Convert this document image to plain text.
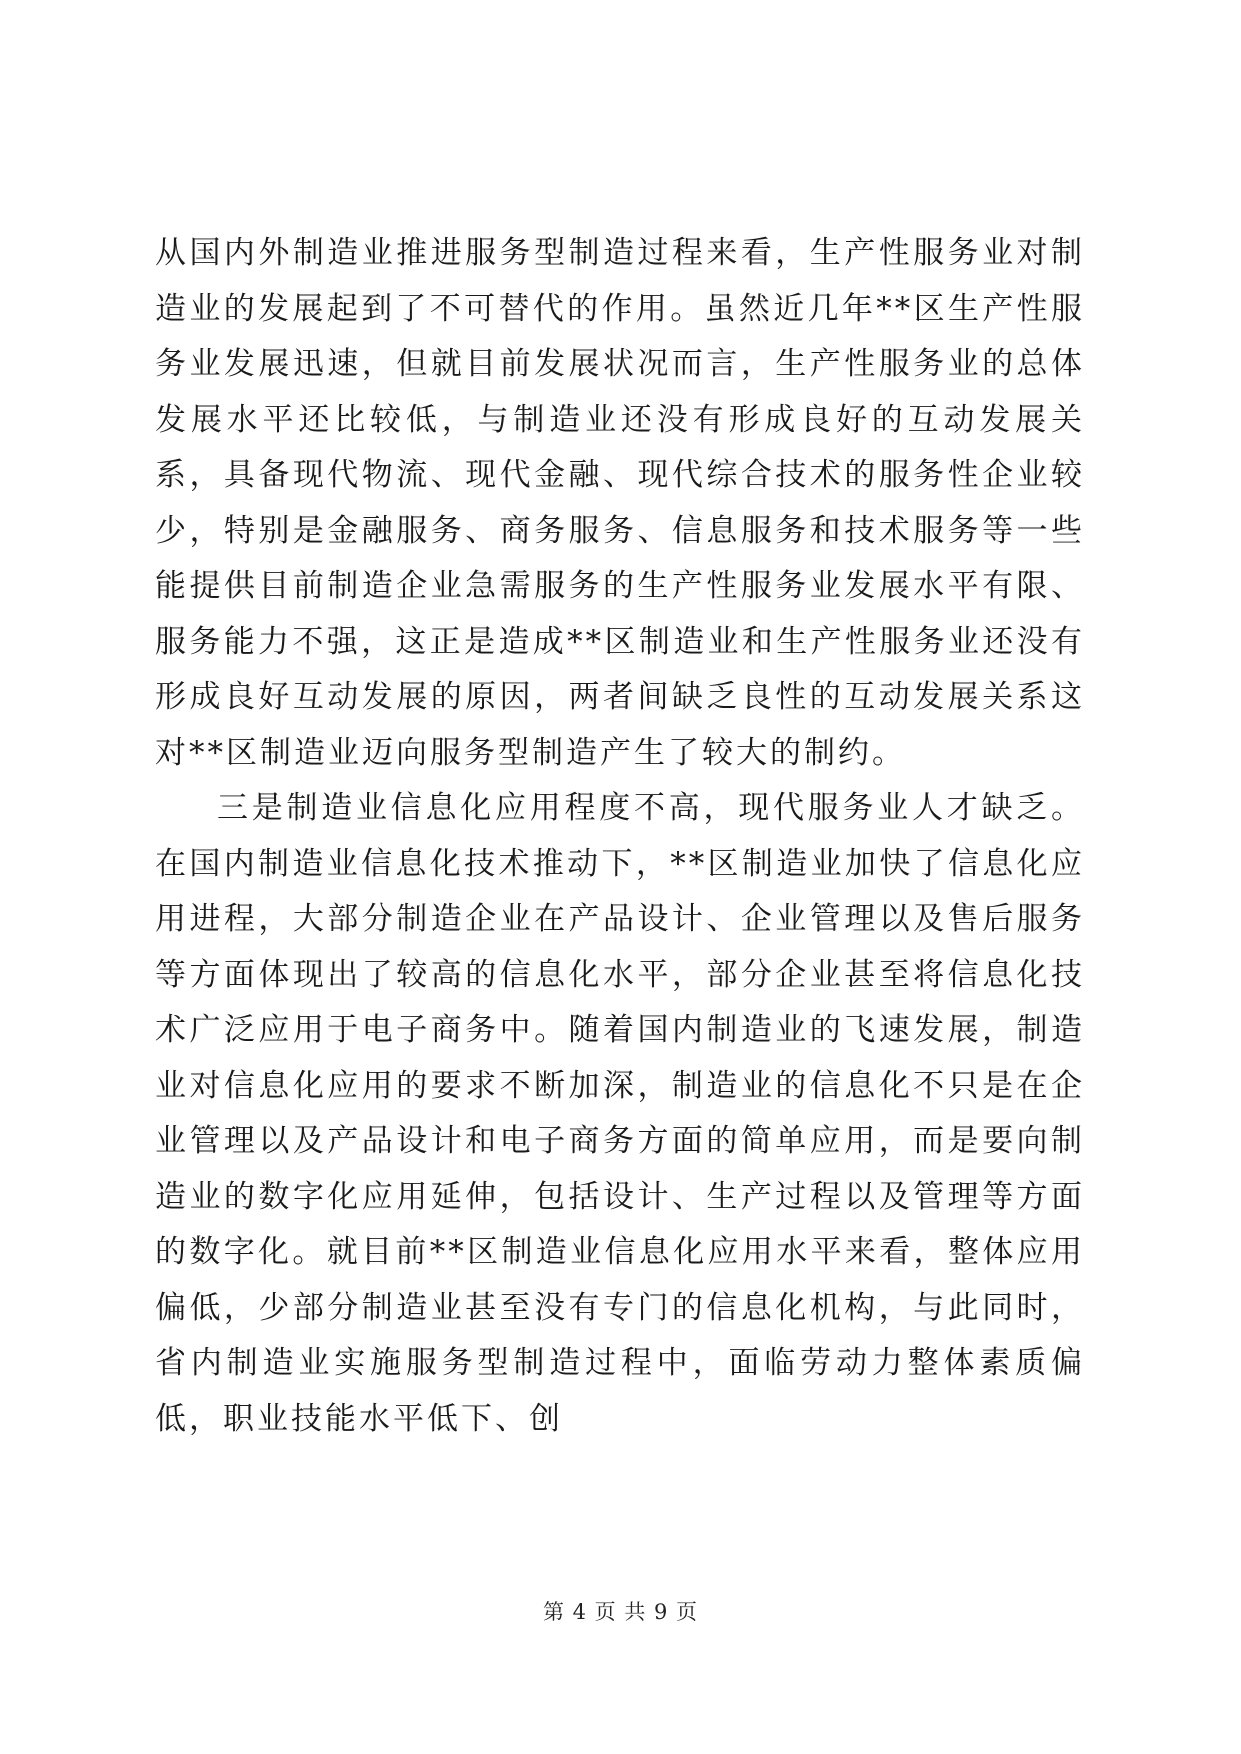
从国内外制造业推进服务型制造过程来看，生产性服务业对制造业的发展起到了不可替代的作用。虽然近几年**区生产性服务业发展迅速，但就目前发展状况而言，生产性服务业的总体发展水平还比较低，与制造业还没有形成良好的互动发展关系，具备现代物流、现代金融、现代综合技术的服务性企业较少，特别是金融服务、商务服务、信息服务和技术服务等一些能提供目前制造企业急需服务的生产性服务业发展水平有限、服务能力不强，这正是造成**区制造业和生产性服务业还没有形成良好互动发展的原因，两者间缺乏良性的互动发展关系这对**区制造业迈向服务型制造产生了较大的制约。

三是制造业信息化应用程度不高，现代服务业人才缺乏。在国内制造业信息化技术推动下，**区制造业加快了信息化应用进程，大部分制造企业在产品设计、企业管理以及售后服务等方面体现出了较高的信息化水平，部分企业甚至将信息化技术广泛应用于电子商务中。随着国内制造业的飞速发展，制造业对信息化应用的要求不断加深，制造业的信息化不只是在企业管理以及产品设计和电子商务方面的简单应用，而是要向制造业的数字化应用延伸，包括设计、生产过程以及管理等方面的数字化。就目前**区制造业信息化应用水平来看，整体应用偏低，少部分制造业甚至没有专门的信息化机构，与此同时，省内制造业实施服务型制造过程中，面临劳动力整体素质偏低，职业技能水平低下、创

第 4 页 共 9 页
